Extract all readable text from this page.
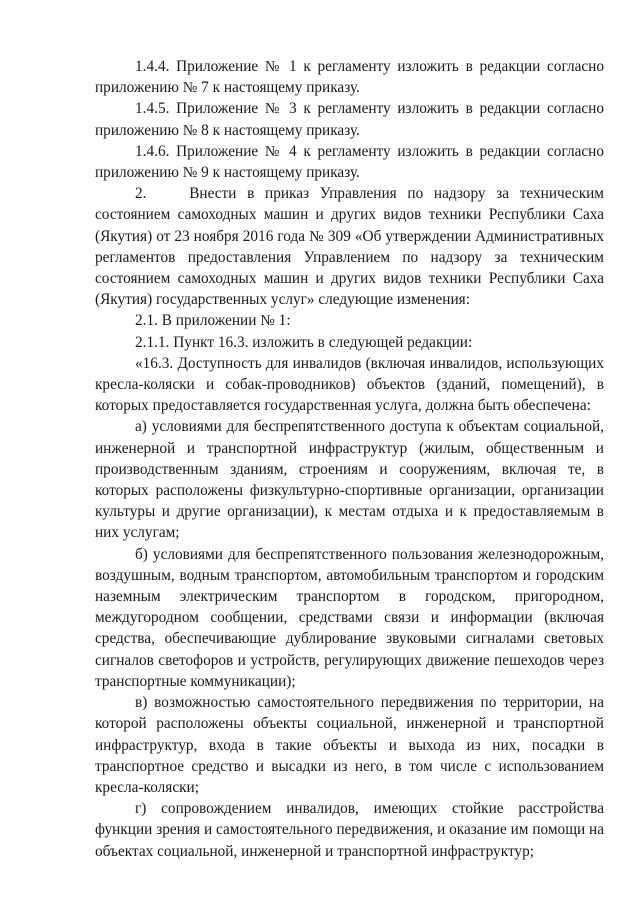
1.4.4. Приложение № 1 к регламенту изложить в редакции согласно приложению № 7 к настоящему приказу.

1.4.5. Приложение № 3 к регламенту изложить в редакции согласно приложению № 8 к настоящему приказу.

1.4.6. Приложение № 4 к регламенту изложить в редакции согласно приложению № 9 к настоящему приказу.

2.    Внести в приказ Управления по надзору за техническим состоянием самоходных машин и других видов техники Республики Саха (Якутия) от 23 ноября 2016 года № 309 «Об утверждении Административных регламентов предоставления Управлением по надзору за техническим состоянием самоходных машин и других видов техники Республики Саха (Якутия) государственных услуг» следующие изменения:

2.1. В приложении № 1:

2.1.1. Пункт 16.3. изложить в следующей редакции:

«16.3. Доступность для инвалидов (включая инвалидов, использующих кресла-коляски и собак-проводников) объектов (зданий, помещений), в которых предоставляется государственная услуга, должна быть обеспечена:

а) условиями для беспрепятственного доступа к объектам социальной, инженерной и транспортной инфраструктур (жилым, общественным и производственным зданиям, строениям и сооружениям, включая те, в которых расположены физкультурно-спортивные организации, организации культуры и другие организации), к местам отдыха и к предоставляемым в них услугам;

б) условиями для беспрепятственного пользования железнодорожным, воздушным, водным транспортом, автомобильным транспортом и городским наземным электрическим транспортом в городском, пригородном, междугородном сообщении, средствами связи и информации (включая средства, обеспечивающие дублирование звуковыми сигналами световых сигналов светофоров и устройств, регулирующих движение пешеходов через транспортные коммуникации);

в) возможностью самостоятельного передвижения по территории, на которой расположены объекты социальной, инженерной и транспортной инфраструктур, входа в такие объекты и выхода из них, посадки в транспортное средство и высадки из него, в том числе с использованием кресла-коляски;

г) сопровождением инвалидов, имеющих стойкие расстройства функции зрения и самостоятельного передвижения, и оказание им помощи на объектах социальной, инженерной и транспортной инфраструктур;
